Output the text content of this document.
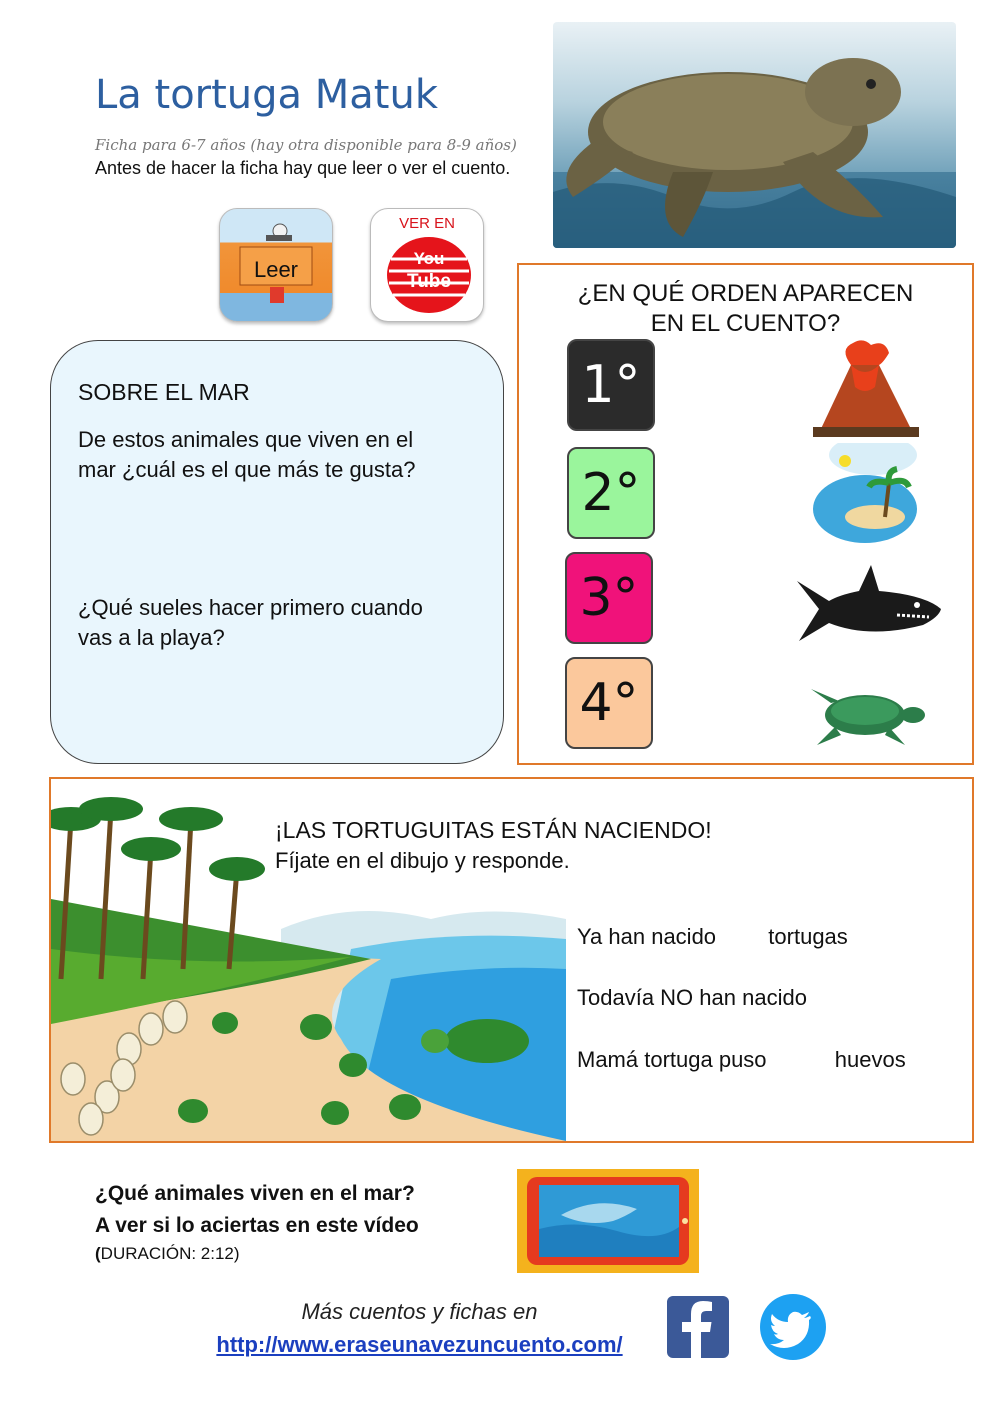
La tortuga Matuk
Ficha para 6-7 años (hay otra disponible para 8-9 años)
Antes de hacer la ficha hay que leer o ver el cuento.
Leer
VER EN
You
Tube
SOBRE EL MAR
De estos animales que viven en el
mar ¿cuál es el que más te gusta?
¿Qué sueles hacer primero cuando
vas a la playa?
¿EN QUÉ ORDEN APARECEN
EN EL CUENTO?
1°
2°
3°
4°
¡LAS TORTUGUITAS ESTÁN NACIENDO!
Fíjate en el dibujo y responde.
Ya han nacido tortugas
Todavía NO han nacido
Mamá tortuga puso	huevos
¿Qué animales viven en el mar?
A ver si lo aciertas en este vídeo
(DURACIÓN: 2:12)
Más cuentos y fichas en
http://www.eraseunavezuncuento.com/
